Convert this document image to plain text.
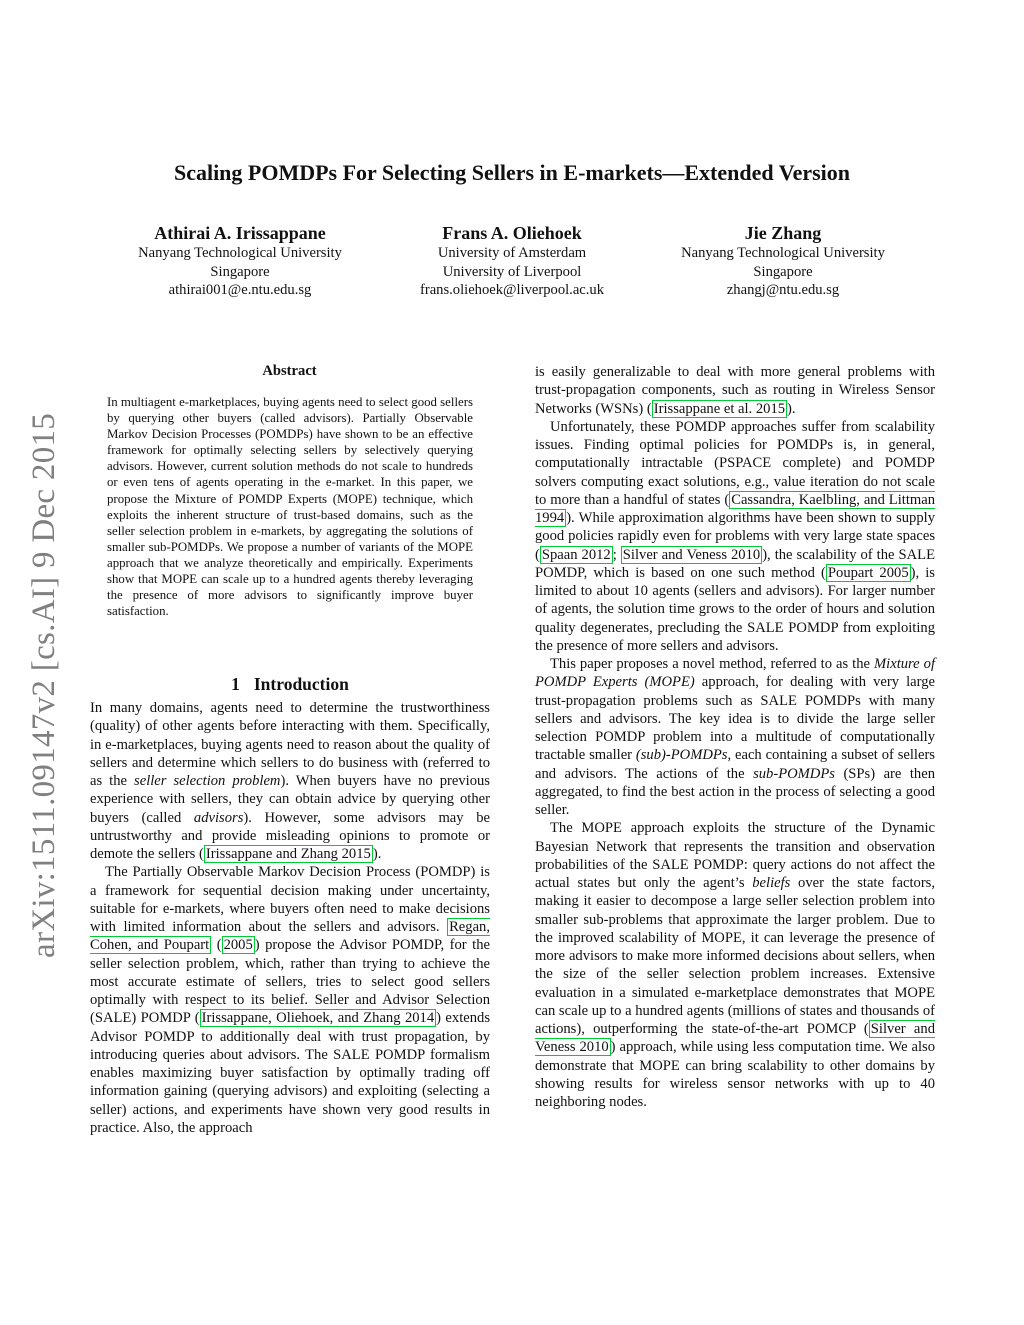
Scaling POMDPs For Selecting Sellers in E-markets—Extended Version
Athirai A. Irissappane
Nanyang Technological University
Singapore
athirai001@e.ntu.edu.sg
Frans A. Oliehoek
University of Amsterdam
University of Liverpool
frans.oliehoek@liverpool.ac.uk
Jie Zhang
Nanyang Technological University
Singapore
zhangj@ntu.edu.sg
arXiv:1511.09147v2 [cs.AI] 9 Dec 2015
Abstract
In multiagent e-marketplaces, buying agents need to select good sellers by querying other buyers (called advisors). Partially Observable Markov Decision Processes (POMDPs) have shown to be an effective framework for optimally selecting sellers by selectively querying advisors. However, current solution methods do not scale to hundreds or even tens of agents operating in the e-market. In this paper, we propose the Mixture of POMDP Experts (MOPE) technique, which exploits the inherent structure of trust-based domains, such as the seller selection problem in e-markets, by aggregating the solutions of smaller sub-POMDPs. We propose a number of variants of the MOPE approach that we analyze theoretically and empirically. Experiments show that MOPE can scale up to a hundred agents thereby leveraging the presence of more advisors to significantly improve buyer satisfaction.
1 Introduction

In many domains, agents need to determine the trustworthiness (quality) of other agents before interacting with them. Specifically, in e-marketplaces, buying agents need to reason about the quality of sellers and determine which sellers to do business with (referred to as the seller selection problem). When buyers have no previous experience with sellers, they can obtain advice by querying other buyers (called advisors). However, some advisors may be untrustworthy and provide misleading opinions to promote or demote the sellers ( Irissappane and Zhang 2015 ).

The Partially Observable Markov Decision Process (POMDP) is a framework for sequential decision making under uncertainty, suitable for e-markets, where buyers often need to make decisions with limited information about the sellers and advisors. Regan, Cohen, and Poupart ( 2005 ) propose the Advisor POMDP, for the seller selection problem, which, rather than trying to achieve the most accurate estimate of sellers, tries to select good sellers optimally with respect to its belief. Seller and Advisor Selection (SALE) POMDP ( Irissappane, Oliehoek, and Zhang 2014 ) extends Advisor POMDP to additionally deal with trust propagation, by introducing queries about advisors. The SALE POMDP formalism enables maximizing buyer satisfaction by optimally trading off information gaining (querying advisors) and exploiting (selecting a seller) actions, and experiments have shown very good results in practice. Also, the approach

is easily generalizable to deal with more general problems with trust-propagation components, such as routing in Wireless Sensor Networks (WSNs) ( Irissappane et al. 2015 ).

Unfortunately, these POMDP approaches suffer from scalability issues. Finding optimal policies for POMDPs is, in general, computationally intractable (PSPACE complete) and POMDP solvers computing exact solutions, e.g., value iteration do not scale to more than a handful of states ( Cassandra, Kaelbling, and Littman 1994 ). While approximation algorithms have been shown to supply good policies rapidly even for problems with very large state spaces ( Spaan 2012 ; Silver and Veness 2010 ), the scalability of the SALE POMDP, which is based on one such method ( Poupart 2005 ), is limited to about 10 agents (sellers and advisors). For larger number of agents, the solution time grows to the order of hours and solution quality degenerates, precluding the SALE POMDP from exploiting the presence of more sellers and advisors.

This paper proposes a novel method, referred to as the Mixture of POMDP Experts (MOPE) approach, for dealing with very large trust-propagation problems such as SALE POMDPs with many sellers and advisors. The key idea is to divide the large seller selection POMDP problem into a multitude of computationally tractable smaller (sub)-POMDPs, each containing a subset of sellers and advisors. The actions of the sub-POMDPs (SPs) are then aggregated, to find the best action in the process of selecting a good seller.

The MOPE approach exploits the structure of the Dynamic Bayesian Network that represents the transition and observation probabilities of the SALE POMDP: query actions do not affect the actual states but only the agent’s beliefs over the state factors, making it easier to decompose a large seller selection problem into smaller sub-problems that approximate the larger problem. Due to the improved scalability of MOPE, it can leverage the presence of more advisors to make more informed decisions about sellers, when the size of the seller selection problem increases. Extensive evaluation in a simulated e-marketplace demonstrates that MOPE can scale up to a hundred agents (millions of states and thousands of actions), outperforming the state-of-the-art POMCP ( Silver and Veness 2010 ) approach, while using less computation time. We also demonstrate that MOPE can bring scalability to other domains by showing results for wireless sensor networks with up to 40 neighboring nodes.
